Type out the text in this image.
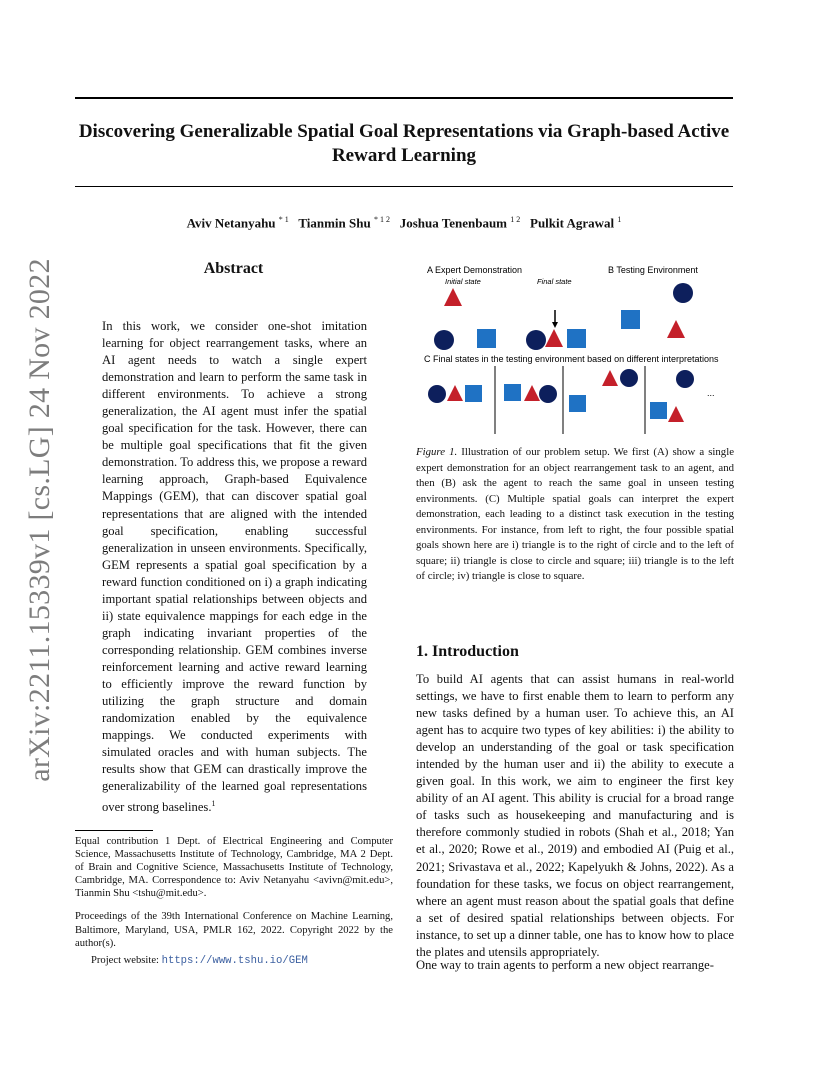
Discovering Generalizable Spatial Goal Representations via Graph-based Active Reward Learning
Aviv Netanyahu $^{* 1}$ Tianmin Shu $^{* 1 2}$ Joshua Tenenbaum $^{1 2}$ Pulkit Agrawal $^1$
arXiv:2211.15339v1 [cs.LG] 24 Nov 2022	Abstract

In this work, we consider one-shot imitation learning for object rearrangement tasks, where an AI agent needs to watch a single expert demonstration and learn to perform the same task in different environments. To achieve a strong generalization, the AI agent must infer the spatial goal specification for the task. However, there can be multiple goal specifications that fit the given demonstration. To address this, we propose a reward learning approach, Graph-based Equivalence Mappings (GEM), that can discover spatial goal representations that are aligned with the intended goal specification, enabling successful generalization in unseen environments. Specifically, GEM represents a spatial goal specification by a reward function conditioned on i) a graph indicating important spatial relationships between objects and ii) state equivalence mappings for each edge in the graph indicating invariant properties of the corresponding relationship. GEM combines inverse reinforcement learning and active reward learning to efficiently improve the reward function by utilizing the graph structure and domain randomization enabled by the equivalence mappings. We conducted experiments with simulated oracles and with human subjects. The results show that GEM can drastically improve the generalizability of the learned goal representations over strong baselines.$^1$

Equal contribution 1 Dept. of Electrical Engineering and Computer Science, Massachusetts Institute of Technology, Cambridge, MA 2 Dept. of Brain and Cognitive Science, Massachusetts Institute of Technology, Cambridge, MA. Correspondence to: Aviv Netanyahu <avivn@mit.edu>, Tianmin Shu <tshu@mit.edu>.

Proceedings of the 39th International Conference on Machine Learning, Baltimore, Maryland, USA, PMLR 162, 2022. Copyright 2022 by the author(s).

Project website: https://www.tshu.io/GEM

A Expert Demonstration
Initial state	Final state
B Testing Environment
C Final states in the testing environment based on different interpretations
...

Figure 1. Illustration of our problem setup. We first (A) show a single expert demonstration for an object rearrangement task to an agent, and then (B) ask the agent to reach the same goal in unseen testing environments. (C) Multiple spatial goals can interpret the expert demonstration, each leading to a distinct task execution in the testing environments. For instance, from left to right, the four possible spatial goals shown here are i) triangle is to the right of circle and to the left of square; ii) triangle is close to circle and square; iii) triangle is to the left of circle; iv) triangle is close to square.

1. Introduction

To build AI agents that can assist humans in real-world settings, we have to first enable them to learn to perform any new tasks defined by a human user. To achieve this, an AI agent has to acquire two types of key abilities: i) the ability to develop an understanding of the goal or task specification intended by the human user and ii) the ability to execute a given goal. In this work, we aim to engineer the first key ability of an AI agent. This ability is crucial for a broad range of tasks such as housekeeping and manufacturing and is therefore commonly studied in robots (Shah et al., 2018; Yan et al., 2020; Rowe et al., 2019) and embodied AI (Puig et al., 2021; Srivastava et al., 2022; Kapelyukh & Johns, 2022). As a foundation for these tasks, we focus on object rearrangement, where an agent must reason about the spatial goals that define a set of desired spatial relationships between objects. For instance, to set up a dinner table, one has to know how to place the plates and utensils appropriately.

One way to train agents to perform a new object rearrange-
